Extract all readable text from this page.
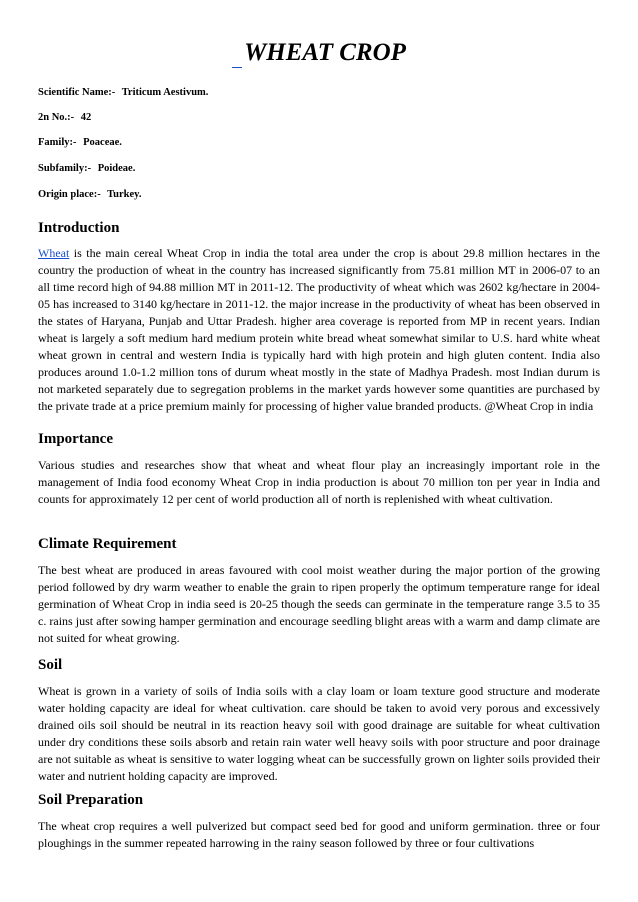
WHEAT CROP
Scientific Name:- Triticum Aestivum.
2n No.:- 42
Family:- Poaceae.
Subfamily:- Poideae.
Origin place:- Turkey.
Introduction

Wheat is the main cereal Wheat Crop in india the total area under the crop is about 29.8 million hectares in the country the production of wheat in the country has increased significantly from 75.81 million MT in 2006-07 to an all time record high of 94.88 million MT in 2011-12. The productivity of wheat which was 2602 kg/hectare in 2004-05 has increased to 3140 kg/hectare in 2011-12. the major increase in the productivity of wheat has been observed in the states of Haryana, Punjab and Uttar Pradesh. higher area coverage is reported from MP in recent years. Indian wheat is largely a soft medium hard medium protein white bread wheat somewhat similar to U.S. hard white wheat wheat grown in central and western India is typically hard with high protein and high gluten content. India also produces around 1.0-1.2 million tons of durum wheat mostly in the state of Madhya Pradesh. most Indian durum is not marketed separately due to segregation problems in the market yards however some quantities are purchased by the private trade at a price premium mainly for processing of higher value branded products. @Wheat Crop in india

Importance

Various studies and researches show that wheat and wheat flour play an increasingly important role in the management of India food economy Wheat Crop in india production is about 70 million ton per year in India and counts for approximately 12 per cent of world production all of north is replenished with wheat cultivation.

Climate Requirement

The best wheat are produced in areas favoured with cool moist weather during the major portion of the growing period followed by dry warm weather to enable the grain to ripen properly the optimum temperature range for ideal germination of Wheat Crop in india seed is 20-25 though the seeds can germinate in the temperature range 3.5 to 35 c. rains just after sowing hamper germination and encourage seedling blight areas with a warm and damp climate are not suited for wheat growing.

Soil

Wheat is grown in a variety of soils of India soils with a clay loam or loam texture good structure and moderate water holding capacity are ideal for wheat cultivation. care should be taken to avoid very porous and excessively drained oils soil should be neutral in its reaction heavy soil with good drainage are suitable for wheat cultivation under dry conditions these soils absorb and retain rain water well heavy soils with poor structure and poor drainage are not suitable as wheat is sensitive to water logging wheat can be successfully grown on lighter soils provided their water and nutrient holding capacity are improved.

Soil Preparation

The wheat crop requires a well pulverized but compact seed bed for good and uniform germination. three or four ploughings in the summer repeated harrowing in the rainy season followed by three or four cultivations
